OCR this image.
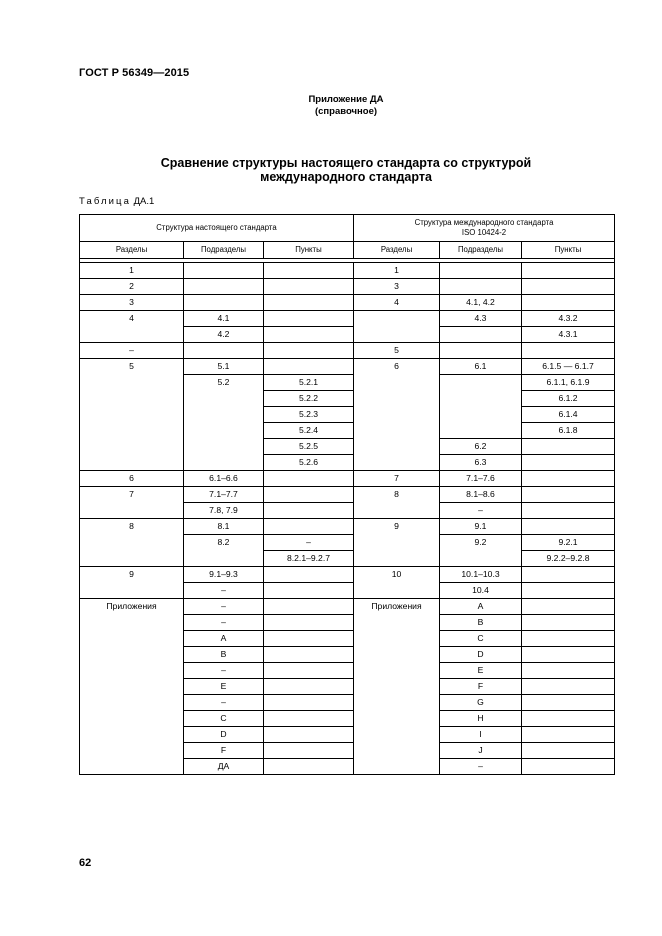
ГОСТ Р 56349—2015
Приложение ДА
(справочное)
Сравнение структуры настоящего стандарта со структурой
международного стандарта
Таблица ДА.1
Структура настоящего стандарта			Структура международного стандарта
ISO 10424-2		

Разделы	Подразделы	Пункты	Разделы	Подразделы	Пункты

1			1		
2			3		
3			4	4.1, 4.2	
4	4.1			4.3	4.3.2
	4.2				4.3.1
–			5		
5	5.1		6	6.1	6.1.5 — 6.1.7
	5.2	5.2.1			6.1.1, 6.1.9
		5.2.2			6.1.2
		5.2.3			6.1.4
		5.2.4			6.1.8
		5.2.5		6.2	
		5.2.6		6.3	
6	6.1–6.6		7	7.1–7.6	
7	7.1–7.7		8	8.1–8.6	
	7.8, 7.9			–	
8	8.1		9	9.1	
	8.2	–		9.2	9.2.1
		8.2.1–9.2.7			9.2.2–9.2.8
9	9.1–9.3		10	10.1–10.3	
	–			10.4	
Приложения	–		Приложения	A	
	–			B	
	A			C	
	B			D	
	–			E	
	E			F	
	–			G	
	C			H	
	D			I	
	F			J	
	ДА			–	
62
